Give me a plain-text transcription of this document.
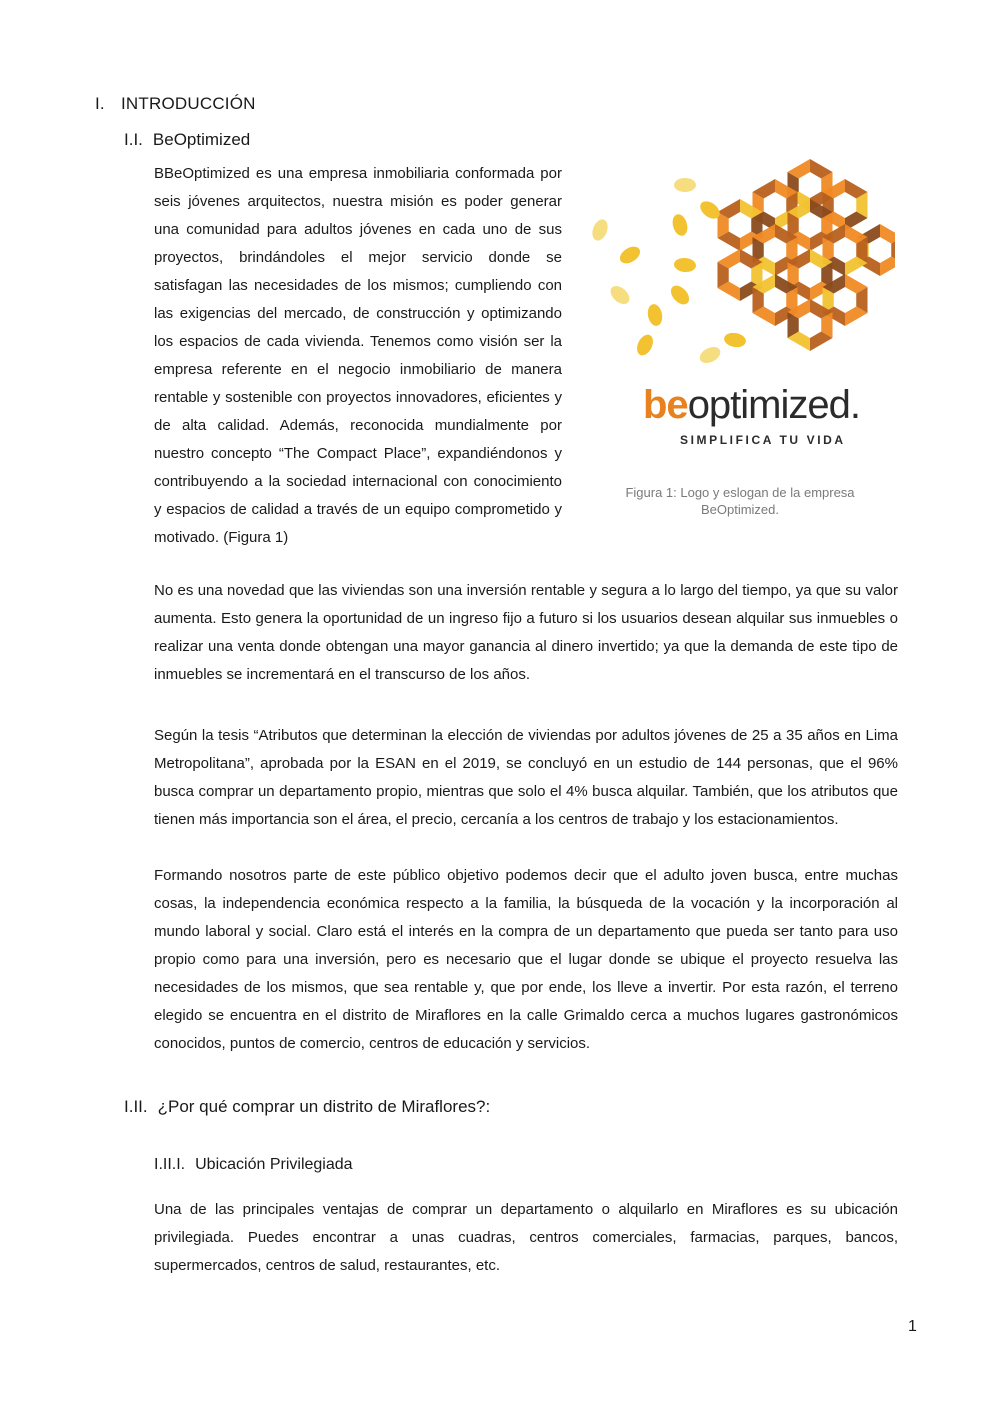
I. INTRODUCCIÓN
I.I. BeOptimized

BBeOptimized es una empresa inmobiliaria conformada por seis jóvenes arquitectos, nuestra misión es poder generar una comunidad para adultos jóvenes en cada uno de sus proyectos, brindándoles el mejor servicio donde se satisfagan las necesidades de los mismos; cumpliendo con las exigencias del mercado, de construcción y optimizando los espacios de cada vivienda. Tenemos como visión ser la empresa referente en el negocio inmobiliario de manera rentable y sostenible con proyectos innovadores, eficientes y de alta calidad. Además, reconocida mundialmente por nuestro concepto “The Compact Place”, expandiéndonos y contribuyendo a la sociedad internacional con conocimiento y espacios de calidad a través de un equipo comprometido y motivado. (Figura 1)

beoptimized.
SIMPLIFICA TU VIDA
Figura 1: Logo y eslogan de la empresa BeOptimized.

No es una novedad que las viviendas son una inversión rentable y segura a lo largo del tiempo, ya que su valor aumenta. Esto genera la oportunidad de un ingreso fijo a futuro si los usuarios desean alquilar sus inmuebles o realizar una venta donde obtengan una mayor ganancia al dinero invertido; ya que la demanda de este tipo de inmuebles se incrementará en el transcurso de los años.

Según la tesis “Atributos que determinan la elección de viviendas por adultos jóvenes de 25 a 35 años en Lima Metropolitana”, aprobada por la ESAN en el 2019, se concluyó en un estudio de 144 personas, que el 96% busca comprar un departamento propio, mientras que solo el 4% busca alquilar. También, que los atributos que tienen más importancia son el área, el precio, cercanía a los centros de trabajo y los estacionamientos.

Formando nosotros parte de este público objetivo podemos decir que el adulto joven busca, entre muchas cosas, la independencia económica respecto a la familia, la búsqueda de la vocación y la incorporación al mundo laboral y social. Claro está el interés en la compra de un departamento que pueda ser tanto para uso propio como para una inversión, pero es necesario que el lugar donde se ubique el proyecto resuelva las necesidades de los mismos, que sea rentable y, que por ende, los lleve a invertir. Por esta razón, el terreno elegido se encuentra en el distrito de Miraflores en la calle Grimaldo cerca a muchos lugares gastronómicos conocidos, puntos de comercio, centros de educación y servicios.

I.II. ¿Por qué comprar un distrito de Miraflores?:
I.II.I. Ubicación Privilegiada

Una de las principales ventajas de comprar un departamento o alquilarlo en Miraflores es su ubicación privilegiada. Puedes encontrar a unas cuadras, centros comerciales, farmacias, parques, bancos, supermercados, centros de salud, restaurantes, etc.

1
